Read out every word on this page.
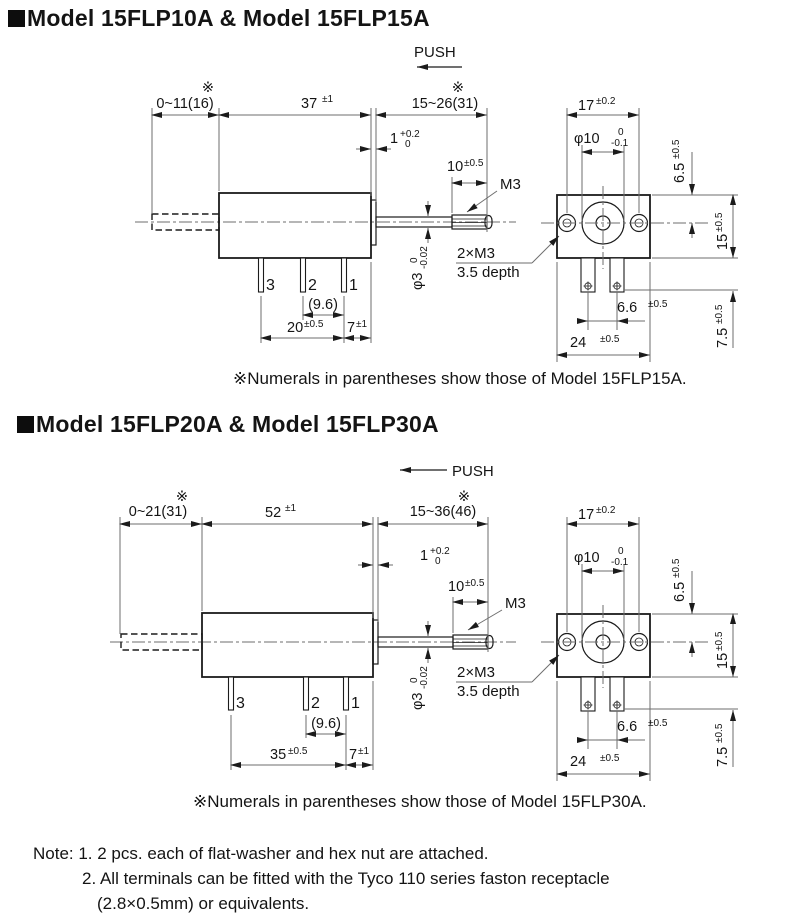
Model 15FLP10A & Model 15FLP15A
Model 15FLP20A & Model 15FLP30A
※Numerals in parentheses show those of Model 15FLP15A.
※Numerals in parentheses show those of Model 15FLP30A.
Note: 1. 2 pcs. each of flat-washer and hex nut are attached.
2. All terminals can be fitted with the Tyco 110 series faston receptacle
(2.8×0.5mm) or equivalents.
PUSH
3 2 1
※
0~11(16)	37 ±1	15~26(31)
※
1 +0.2
0
10 ±0.5
M3
φ3
0 -0.02 2×M3
3.5 depth
(9.6)
20 ±0.5 7 ±1
17 ±0.2
φ10 0
-0.1
6.5
±0.5
15
±0.5
7.5
±0.5
6.6 ±0.5
24 ±0.5
PUSH
3	2 1
※
0~21(31)	52 ±1	15~36(46)
※
1 +0.2
0
10 ±0.5
M3
φ3
0 -0.02 2×M3
3.5 depth
(9.6)
35 ±0.5	7 ±1
17 ±0.2
φ10 0
-0.1
6.5
±0.5
15
±0.5
7.5
±0.5
6.6 ±0.5
24 ±0.5
